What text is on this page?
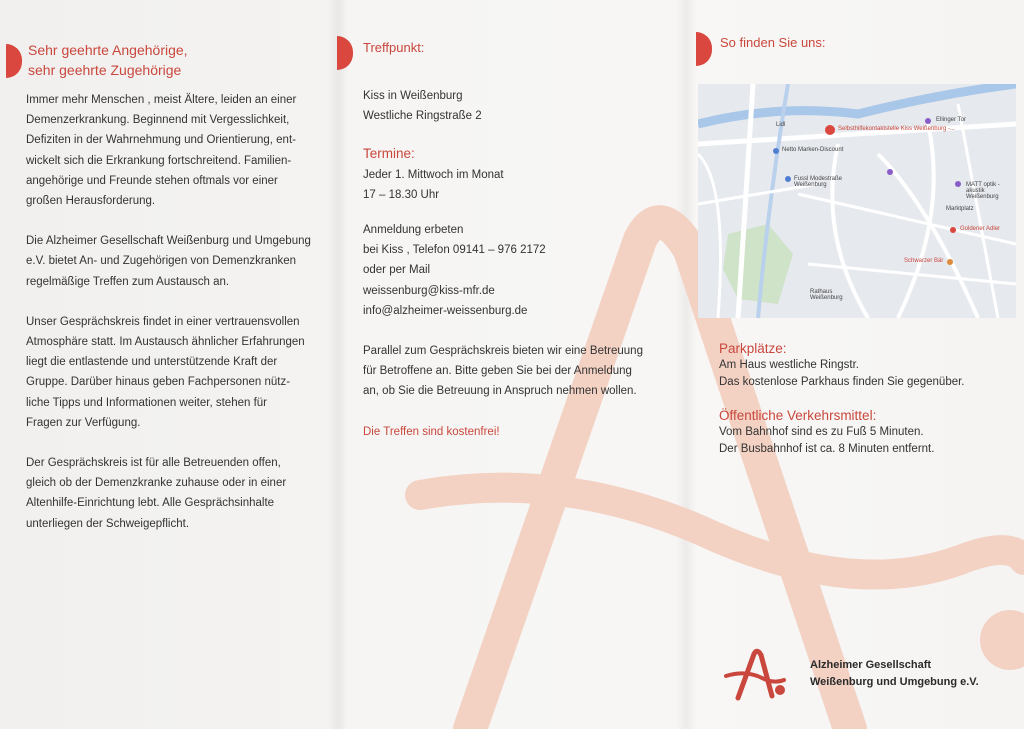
Sehr geehrte Angehörige,
sehr geehrte Zugehörige

Immer mehr Menschen , meist Ältere, leiden an einer
Demenzerkrankung. Beginnend mit Vergesslichkeit,
Defiziten in der Wahrnehmung und Orientierung, ent-
wickelt sich die Erkrankung fortschreitend. Familien-
angehörige und Freunde stehen oftmals vor einer
großen Herausforderung.

Die Alzheimer Gesellschaft Weißenburg und Umgebung
e.V. bietet An- und Zugehörigen von Demenzkranken
regelmäßige Treffen zum Austausch an.

Unser Gesprächskreis findet in einer vertrauensvollen
Atmosphäre statt. Im Austausch ähnlicher Erfahrungen
liegt die entlastende und unterstützende Kraft der
Gruppe. Darüber hinaus geben Fachpersonen nütz-
liche Tipps und Informationen weiter, stehen für
Fragen zur Verfügung.

Der Gesprächskreis ist für alle Betreuenden offen,
gleich ob der Demenzkranke zuhause oder in einer
Altenhilfe-Einrichtung lebt. Alle Gesprächsinhalte
unterliegen der Schweigepflicht.

Treffpunkt:

Kiss in Weißenburg
Westliche Ringstraße 2

Termine:
Jeder 1. Mittwoch im Monat
17 – 18.30 Uhr

Anmeldung erbeten
bei Kiss , Telefon 09141 – 976 2172
oder per Mail
weissenburg@kiss-mfr.de
info@alzheimer-weissenburg.de

Parallel zum Gesprächskreis bieten wir eine Betreuung
für Betroffene an. Bitte geben Sie bei der Anmeldung
an, ob Sie die Betreuung in Anspruch nehmen wollen.

Die Treffen sind kostenfrei!

So finden Sie uns:
Selbsthilfekontaktstelle Kiss Weißenburg -...
Lidl
Ellinger Tor
Netto Marken-Discount
Fussl Modestraße Weißenburg	MATT optik - akustik Weißenburg
Goldener Adler
Schwarzer Bär
Rathaus Weißenburg
Marktplatz
Parkplätze:
Am Haus westliche Ringstr.
Das kostenlose Parkhaus finden Sie gegenüber.
Öffentliche Verkehrsmittel:
Vom Bahnhof sind es zu Fuß 5 Minuten.
Der Busbahnhof ist ca. 8 Minuten entfernt.
Alzheimer Gesellschaft
Weißenburg und Umgebung e.V.
